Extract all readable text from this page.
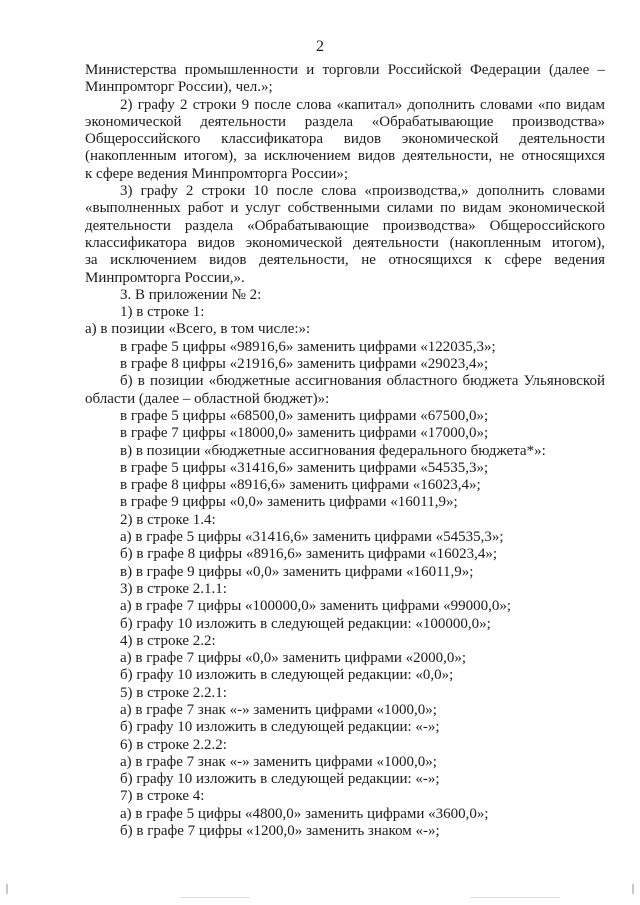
2
Министерства промышленности и торговли Российской Федерации (далее –
Минпромторг России), чел.»;
2) графу 2 строки 9 после слова «капитал» дополнить словами «по видам
экономической деятельности раздела «Обрабатывающие производства»
Общероссийского классификатора видов экономической деятельности
(накопленным итогом), за исключением видов деятельности, не относящихся
к сфере ведения Минпромторга России»;
3) графу 2 строки 10 после слова «производства,» дополнить словами
«выполненных работ и услуг собственными силами по видам экономической
деятельности раздела «Обрабатывающие производства» Общероссийского
классификатора видов экономической деятельности (накопленным итогом),
за исключением видов деятельности, не относящихся к сфере ведения
Минпромторга России,».
3. В приложении № 2:
1) в строке 1:
а) в позиции «Всего, в том числе:»:
в графе 5 цифры «98916,6» заменить цифрами «122035,3»;
в графе 8 цифры «21916,6» заменить цифрами «29023,4»;
б) в позиции «бюджетные ассигнования областного бюджета Ульяновской
области (далее – областной бюджет)»:
в графе 5 цифры «68500,0» заменить цифрами «67500,0»;
в графе 7 цифры «18000,0» заменить цифрами «17000,0»;
в) в позиции «бюджетные ассигнования федерального бюджета*»:
в графе 5 цифры «31416,6» заменить цифрами «54535,3»;
в графе 8 цифры «8916,6» заменить цифрами «16023,4»;
в графе 9 цифры «0,0» заменить цифрами «16011,9»;
2) в строке 1.4:
а) в графе 5 цифры «31416,6» заменить цифрами «54535,3»;
б) в графе 8 цифры «8916,6» заменить цифрами «16023,4»;
в) в графе 9 цифры «0,0» заменить цифрами «16011,9»;
3) в строке 2.1.1:
а) в графе 7 цифры «100000,0» заменить цифрами «99000,0»;
б) графу 10 изложить в следующей редакции: «100000,0»;
4) в строке 2.2:
а) в графе 7 цифры «0,0» заменить цифрами «2000,0»;
б) графу 10 изложить в следующей редакции: «0,0»;
5) в строке 2.2.1:
а) в графе 7 знак «-» заменить цифрами «1000,0»;
б) графу 10 изложить в следующей редакции: «-»;
6) в строке 2.2.2:
а) в графе 7 знак «-» заменить цифрами «1000,0»;
б) графу 10 изложить в следующей редакции: «-»;
7) в строке 4:
а) в графе 5 цифры «4800,0» заменить цифрами «3600,0»;
б) в графе 7 цифры «1200,0» заменить знаком «-»;
